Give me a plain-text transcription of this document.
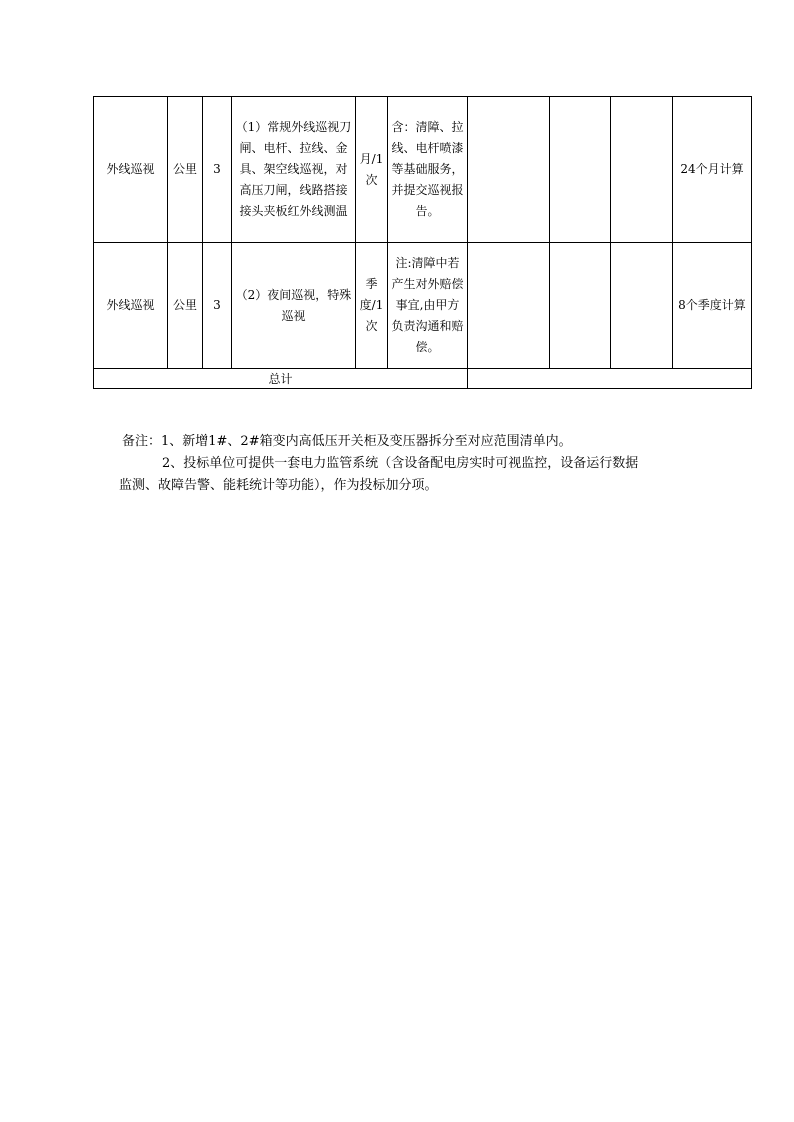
外线巡视	公里	3	（1）常规外线巡视刀闸、电杆、拉线、金具、架空线巡视，对高压刀闸，线路搭接接头夹板红外线测温	月/1次	含：清障、拉线、电杆喷漆等基础服务，并提交巡视报告。				24个月计算
外线巡视	公里	3	（2）夜间巡视，特殊巡视	季度/1次	注:清障中若产生对外赔偿事宜,由甲方负责沟通和赔偿。				8个季度计算
总计									

备注：1、新增1#、2#箱变内高低压开关柜及变压器拆分至对应范围清单内。

2、投标单位可提供一套电力监管系统（含设备配电房实时可视监控，设备运行数据

监测、故障告警、能耗统计等功能），作为投标加分项。
